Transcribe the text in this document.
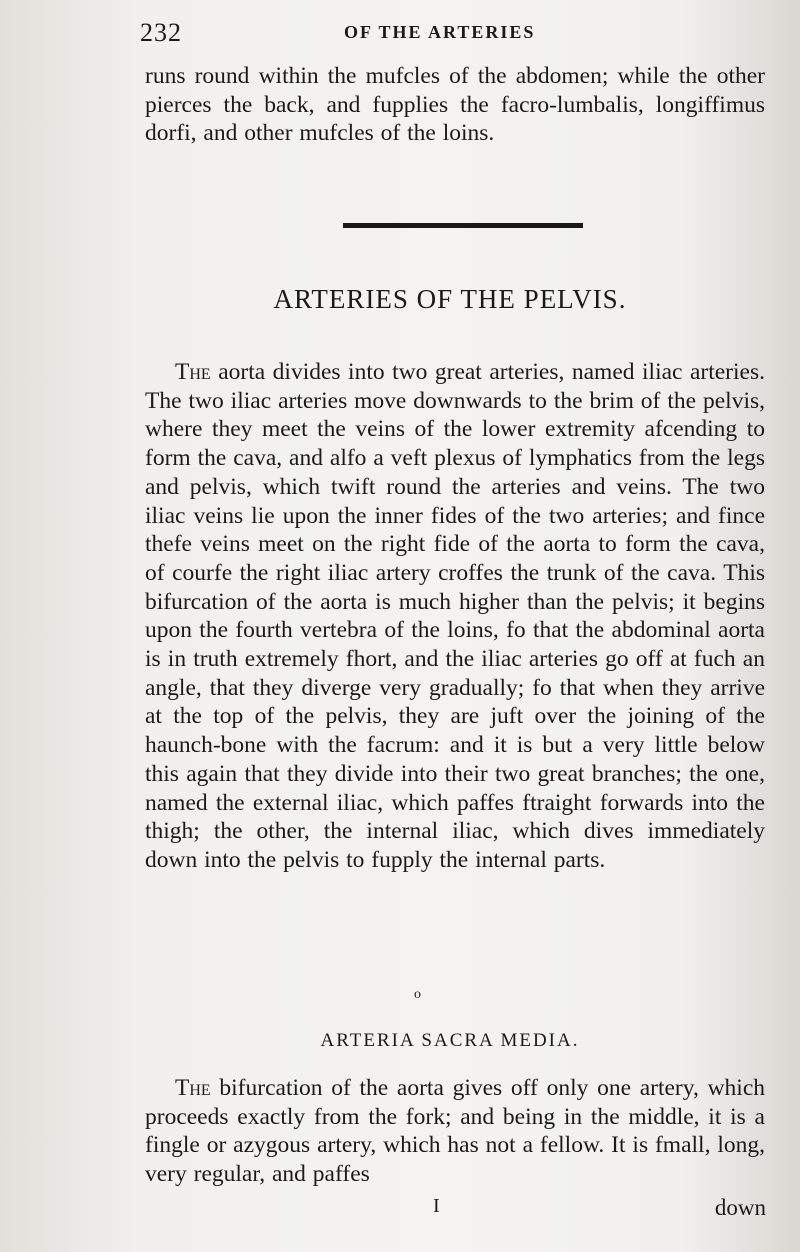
232	OF THE ARTERIES

runs round within the mufcles of the abdomen; while the other pierces the back, and fupplies the facro-lumbalis, longiffimus dorfi, and other mufcles of the loins.

ARTERIES OF THE PELVIS.

The aorta divides into two great arteries, named iliac arteries. The two iliac arteries move downwards to the brim of the pelvis, where they meet the veins of the lower extremity afcending to form the cava, and alfo a veft plexus of lymphatics from the legs and pelvis, which twift round the arteries and veins. The two iliac veins lie upon the inner fides of the two arteries; and fince thefe veins meet on the right fide of the aorta to form the cava, of courfe the right iliac artery croffes the trunk of the cava. This bifurcation of the aorta is much higher than the pelvis; it begins upon the fourth vertebra of the loins, fo that the abdominal aorta is in truth extremely fhort, and the iliac arteries go off at fuch an angle, that they diverge very gradually; fo that when they arrive at the top of the pelvis, they are juft over the joining of the haunch-bone with the facrum: and it is but a very little below this again that they divide into their two great branches; the one, named the external iliac, which paffes ftraight forwards into the thigh; the other, the internal iliac, which dives immediately down into the pelvis to fupply the internal parts.

o
ARTERIA SACRA MEDIA.

The bifurcation of the aorta gives off only one artery, which proceeds exactly from the fork; and being in the middle, it is a fingle or azygous artery, which has not a fellow. It is fmall, long, very regular, and paffes

I	down
